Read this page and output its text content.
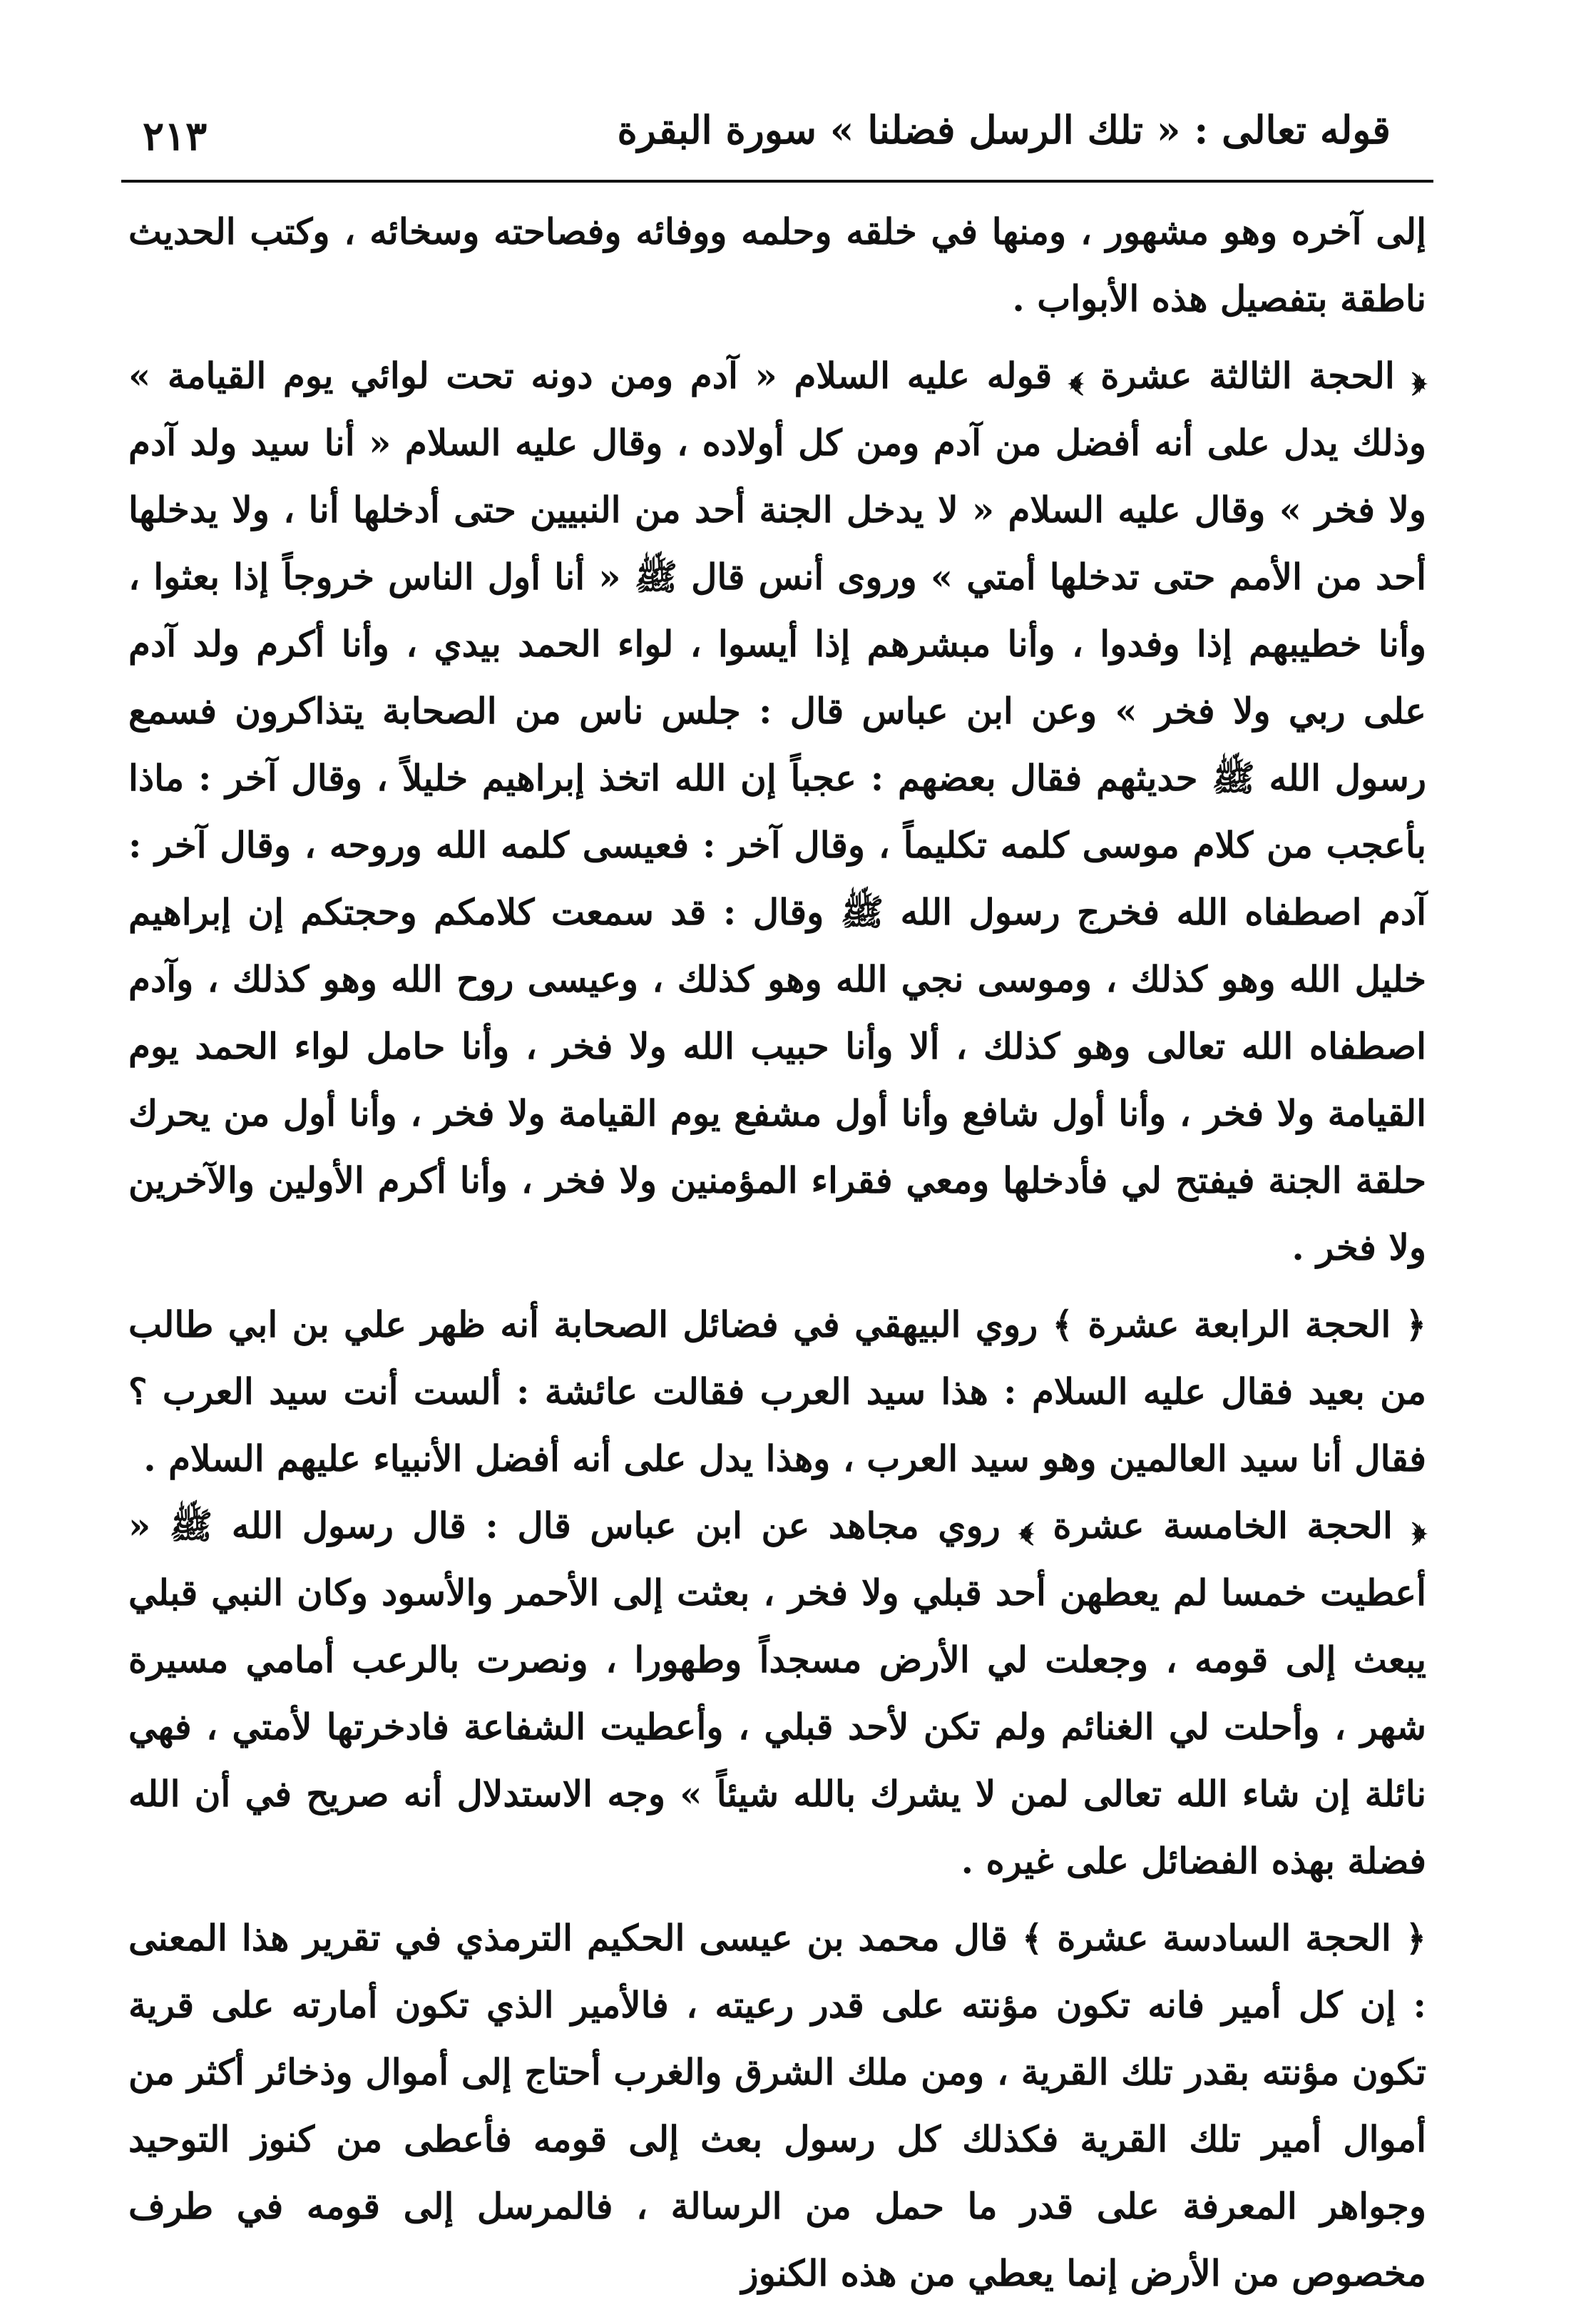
٢١٣	قوله تعالى : « تلك الرسل فضلنا » سورة البقرة

إلى آخره وهو مشهور ، ومنها في خلقه وحلمه ووفائه وفصاحته وسخائه ، وكتب الحديث ناطقة بتفصيل هذه الأبواب .

﴿ الحجة الثالثة عشرة ﴾ قوله عليه السلام « آدم ومن دونه تحت لوائي يوم القيامة » وذلك يدل على أنه أفضل من آدم ومن كل أولاده ، وقال عليه السلام « أنا سيد ولد آدم ولا فخر » وقال عليه السلام « لا يدخل الجنة أحد من النبيين حتى أدخلها أنا ، ولا يدخلها أحد من الأمم حتى تدخلها أمتي » وروى أنس قال ﷺ « أنا أول الناس خروجاً إذا بعثوا ، وأنا خطيبهم إذا وفدوا ، وأنا مبشرهم إذا أيسوا ، لواء الحمد بيدي ، وأنا أكرم ولد آدم على ربي ولا فخر » وعن ابن عباس قال : جلس ناس من الصحابة يتذاكرون فسمع رسول الله ﷺ حديثهم فقال بعضهم : عجباً إن الله اتخذ إبراهيم خليلاً ، وقال آخر : ماذا بأعجب من كلام موسى كلمه تكليماً ، وقال آخر : فعيسى كلمه الله وروحه ، وقال آخر : آدم اصطفاه الله فخرج رسول الله ﷺ وقال : قد سمعت كلامكم وحجتكم إن إبراهيم خليل الله وهو كذلك ، وموسى نجي الله وهو كذلك ، وعيسى روح الله وهو كذلك ، وآدم اصطفاه الله تعالى وهو كذلك ، ألا وأنا حبيب الله ولا فخر ، وأنا حامل لواء الحمد يوم القيامة ولا فخر ، وأنا أول شافع وأنا أول مشفع يوم القيامة ولا فخر ، وأنا أول من يحرك حلقة الجنة فيفتح لي فأدخلها ومعي فقراء المؤمنين ولا فخر ، وأنا أكرم الأولين والآخرين ولا فخر .

﴿ الحجة الرابعة عشرة ﴾ روي البيهقي في فضائل الصحابة أنه ظهر علي بن ابي طالب من بعيد فقال عليه السلام : هذا سيد العرب فقالت عائشة : ألست أنت سيد العرب ؟ فقال أنا سيد العالمين وهو سيد العرب ، وهذا يدل على أنه أفضل الأنبياء عليهم السلام .

﴿ الحجة الخامسة عشرة ﴾ روي مجاهد عن ابن عباس قال : قال رسول الله ﷺ « أعطيت خمسا لم يعطهن أحد قبلي ولا فخر ، بعثت إلى الأحمر والأسود وكان النبي قبلي يبعث إلى قومه ، وجعلت لي الأرض مسجداً وطهورا ، ونصرت بالرعب أمامي مسيرة شهر ، وأحلت لي الغنائم ولم تكن لأحد قبلي ، وأعطيت الشفاعة فادخرتها لأمتي ، فهي نائلة إن شاء الله تعالى لمن لا يشرك بالله شيئاً » وجه الاستدلال أنه صريح في أن الله فضلة بهذه الفضائل على غيره .

﴿ الحجة السادسة عشرة ﴾ قال محمد بن عيسى الحكيم الترمذي في تقرير هذا المعنى : إن كل أمير فانه تكون مؤنته على قدر رعيته ، فالأمير الذي تكون أمارته على قرية تكون مؤنته بقدر تلك القرية ، ومن ملك الشرق والغرب أحتاج إلى أموال وذخائر أكثر من أموال أمير تلك القرية فكذلك كل رسول بعث إلى قومه فأعطى من كنوز التوحيد وجواهر المعرفة على قدر ما حمل من الرسالة ، فالمرسل إلى قومه في طرف مخصوص من الأرض إنما يعطي من هذه الكنوز
